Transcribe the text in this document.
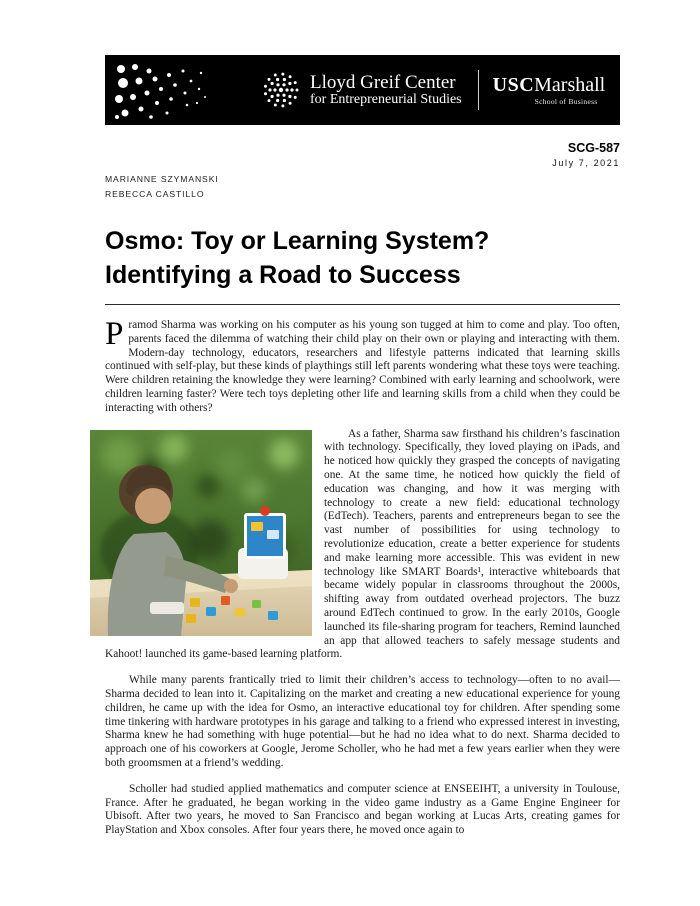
Lloyd Greif Center
for Entrepreneurial Studies
USCMarshall
School of Business
SCG-587
July 7, 2021
MARIANNE SZYMANSKI
REBECCA CASTILLO
Osmo: Toy or Learning System?
Identifying a Road to Success

Pramod Sharma was working on his computer as his young son tugged at him to come and play. Too often, parents faced the dilemma of watching their child play on their own or playing and interacting with them. Modern-day technology, educators, researchers and lifestyle patterns indicated that learning skills continued with self-play, but these kinds of playthings still left parents wondering what these toys were teaching. Were children retaining the knowledge they were learning? Combined with early learning and schoolwork, were children learning faster? Were tech toys depleting other life and learning skills from a child when they could be interacting with others?

As a father, Sharma saw firsthand his children’s fascination with technology. Specifically, they loved playing on iPads, and he noticed how quickly they grasped the concepts of navigating one. At the same time, he noticed how quickly the field of education was changing, and how it was merging with technology to create a new field: educational technology (EdTech). Teachers, parents and entrepreneurs began to see the vast number of possibilities for using technology to revolutionize education, create a better experience for students and make learning more accessible. This was evident in new technology like SMART Boards¹, interactive whiteboards that became widely popular in classrooms throughout the 2000s, shifting away from outdated overhead projectors. The buzz around EdTech continued to grow. In the early 2010s, Google launched its file-sharing program for teachers, Remind launched an app that allowed teachers to safely message students and Kahoot! launched its game-based learning platform.

While many parents frantically tried to limit their children’s access to technology—often to no avail—Sharma decided to lean into it. Capitalizing on the market and creating a new educational experience for young children, he came up with the idea for Osmo, an interactive educational toy for children. After spending some time tinkering with hardware prototypes in his garage and talking to a friend who expressed interest in investing, Sharma knew he had something with huge potential—but he had no idea what to do next. Sharma decided to approach one of his coworkers at Google, Jerome Scholler, who he had met a few years earlier when they were both groomsmen at a friend’s wedding.

Scholler had studied applied mathematics and computer science at ENSEEIHT, a university in Toulouse, France. After he graduated, he began working in the video game industry as a Game Engine Engineer for Ubisoft. After two years, he moved to San Francisco and began working at Lucas Arts, creating games for PlayStation and Xbox consoles. After four years there, he moved once again to
